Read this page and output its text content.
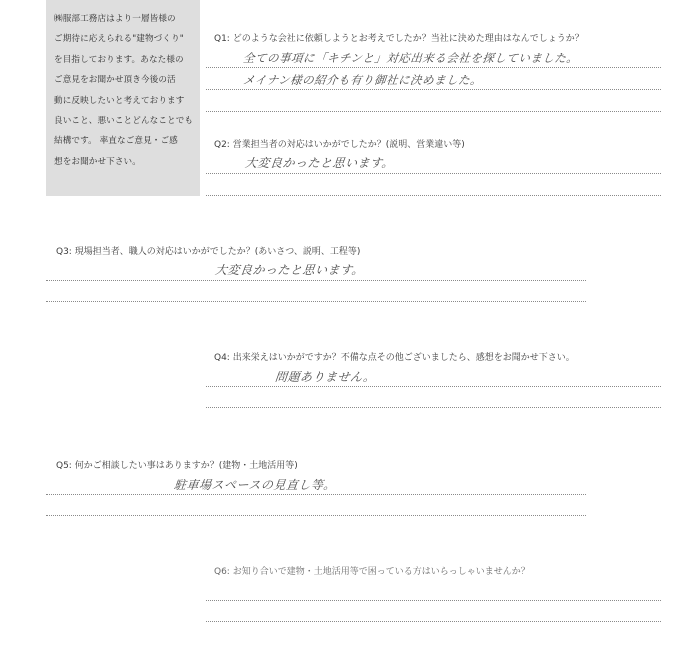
㈱服部工務店はより一層皆様の
ご期待に応えられる"建物づくり"
を目指しております。あなた様の
ご意見をお聞かせ頂き今後の活
動に反映したいと考えております
良いこと、悪いことどんなことでも
結構です。 率直なご意見・ご感
想をお聞かせ下さい。

Q1: どのような会社に依頼しようとお考えでしたか？当社に決めた理由はなんでしょうか？

全ての事項に「キチンと」対応出来る会社を探していました。

メイナン様の紹介も有り御社に決めました。

Q2: 営業担当者の対応はいかがでしたか？(説明、営業違い等)

大変良かったと思います。

Q3: 現場担当者、職人の対応はいかがでしたか？(あいさつ、説明、工程等)

大変良かったと思います。

Q4: 出来栄えはいかがですか？不備な点その他ございましたら、感想をお聞かせ下さい。

問題ありません。

Q5: 何かご相談したい事はありますか？(建物・土地活用等)

駐車場スペースの見直し等。

Q6: お知り合いで建物・土地活用等で困っている方はいらっしゃいませんか？
